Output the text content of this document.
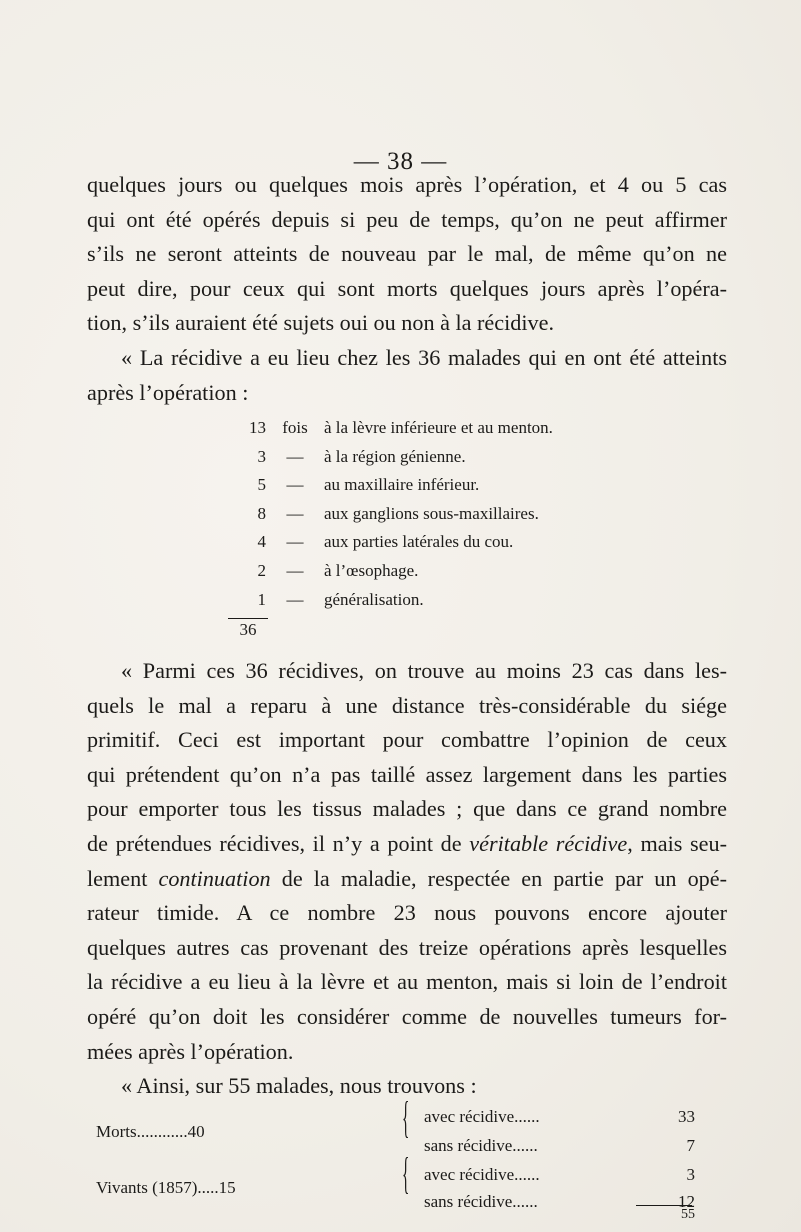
— 38 —
quelques jours ou quelques mois après l’opération, et 4 ou 5 cas
qui ont été opérés depuis si peu de temps, qu’on ne peut affirmer
s’ils ne seront atteints de nouveau par le mal, de même qu’on ne
peut dire, pour ceux qui sont morts quelques jours après l’opéra-
tion, s’ils auraient été sujets oui ou non à la récidive.
« La récidive a eu lieu chez les 36 malades qui en ont été atteints
après l’opération :
13 fois à la lèvre inférieure et au menton.
3	—	à la région génienne.
5	—	au maxillaire inférieur.
8	—	aux ganglions sous-maxillaires.
4	—	aux parties latérales du cou.
2	—	à l’œsophage.
1	—	généralisation.
36
« Parmi ces 36 récidives, on trouve au moins 23 cas dans les-
quels le mal a reparu à une distance très-considérable du siége
primitif. Ceci est important pour combattre l’opinion de ceux
qui prétendent qu’on n’a pas taillé assez largement dans les parties
pour emporter tous les tissus malades ; que dans ce grand nombre
de prétendues récidives, il n’y a point de véritable récidive, mais seu-
lement continuation de la maladie, respectée en partie par un opé-
rateur timide. A ce nombre 23 nous pouvons encore ajouter
quelques autres cas provenant des treize opérations après lesquelles
la récidive a eu lieu à la lèvre et au menton, mais si loin de l’endroit
opéré qu’on doit les considérer comme de nouvelles tumeurs for-
mées après l’opération.
« Ainsi, sur 55 malades, nous trouvons :
Morts............40	{ avec récidive......	33
sans récidive......	7
Vivants (1857).....15	{ avec récidive......	3
sans récidive......	12
55
